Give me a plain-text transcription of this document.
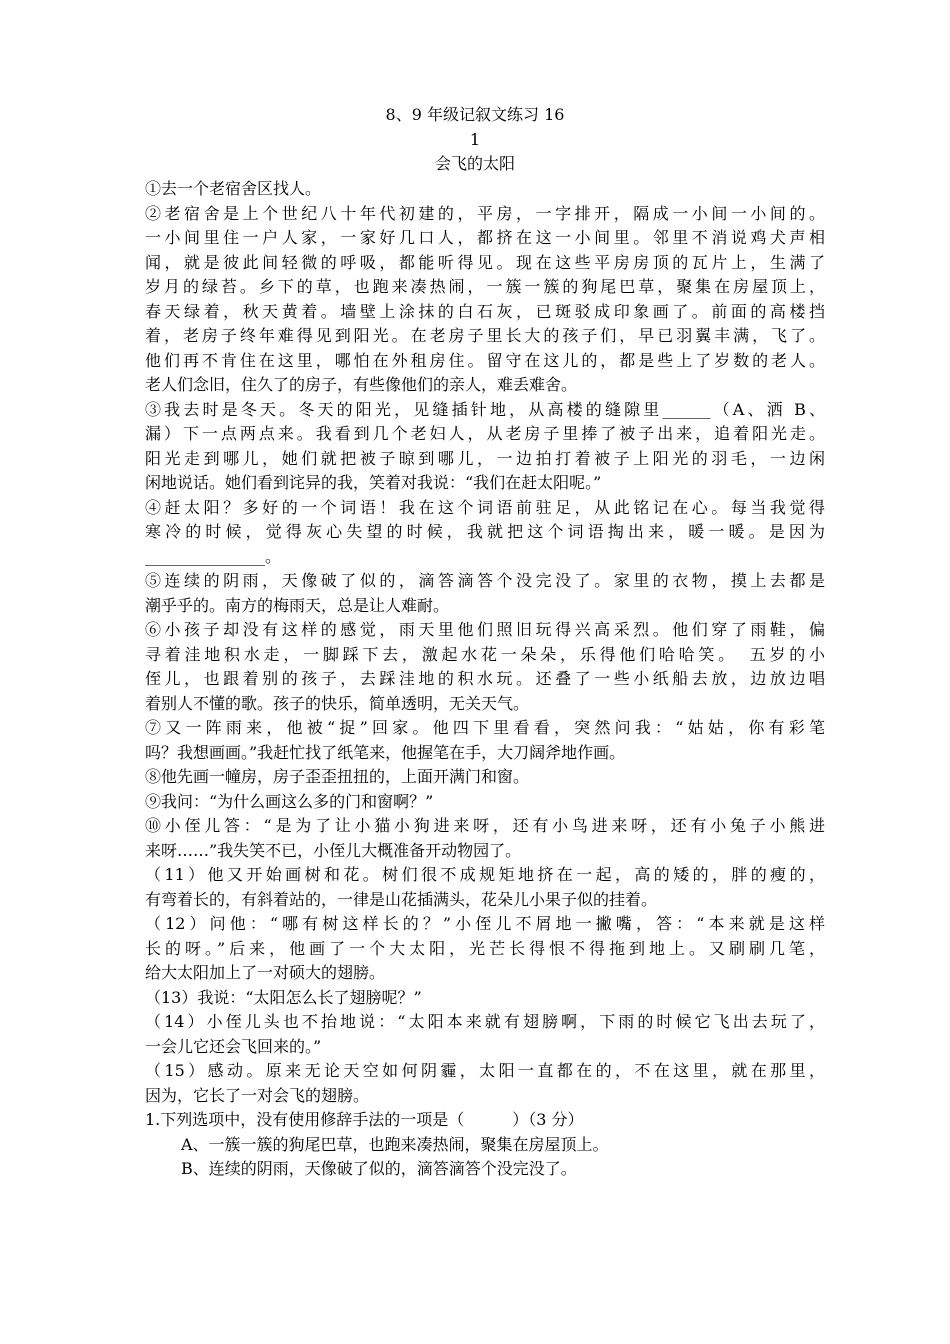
8、9 年级记叙文练习 16
1
会飞的太阳
①去一个老宿舍区找人。
②老宿舍是上个世纪八十年代初建的，平房，一字排开，隔成一小间一小间的。
一小间里住一户人家，一家好几口人，都挤在这一小间里。邻里不消说鸡犬声相
闻，就是彼此间轻微的呼吸，都能听得见。现在这些平房房顶的瓦片上，生满了
岁月的绿苔。乡下的草，也跑来凑热闹，一簇一簇的狗尾巴草，聚集在房屋顶上，
春天绿着，秋天黄着。墙壁上涂抹的白石灰，已斑驳成印象画了。前面的高楼挡
着，老房子终年难得见到阳光。在老房子里长大的孩子们，早已羽翼丰满，飞了。
他们再不肯住在这里，哪怕在外租房住。留守在这儿的，都是些上了岁数的老人。
老人们念旧，住久了的房子，有些像他们的亲人，难丢难舍。
③我去时是冬天。冬天的阳光，见缝插针地，从高楼的缝隙里______（A、洒 B、
漏）下一点两点来。我看到几个老妇人，从老房子里捧了被子出来，追着阳光走。
阳光走到哪儿，她们就把被子晾到哪儿，一边拍打着被子上阳光的羽毛，一边闲
闲地说话。她们看到诧异的我，笑着对我说：“我们在赶太阳呢。”
④赶太阳？多好的一个词语！我在这个词语前驻足，从此铭记在心。每当我觉得
寒冷的时候，觉得灰心失望的时候，我就把这个词语掏出来，暖一暖。是因为
_______________。
⑤连续的阴雨，天像破了似的，滴答滴答个没完没了。家里的衣物，摸上去都是
潮乎乎的。南方的梅雨天，总是让人难耐。
⑥小孩子却没有这样的感觉，雨天里他们照旧玩得兴高采烈。他们穿了雨鞋，偏
寻着洼地积水走，一脚踩下去，激起水花一朵朵，乐得他们哈哈笑。　五岁的小
侄儿，也跟着别的孩子，去踩洼地的积水玩。还叠了一些小纸船去放，边放边唱
着别人不懂的歌。孩子的快乐，简单透明，无关天气。
⑦又一阵雨来，他被“捉”回家。他四下里看看，突然问我：“姑姑，你有彩笔
吗？我想画画。”我赶忙找了纸笔来，他握笔在手，大刀阔斧地作画。
⑧他先画一幢房，房子歪歪扭扭的，上面开满门和窗。
⑨我问：“为什么画这么多的门和窗啊？”
⑩小侄儿答：“是为了让小猫小狗进来呀，还有小鸟进来呀，还有小兔子小熊进
来呀……”我失笑不已，小侄儿大概准备开动物园了。
（11）他又开始画树和花。树们很不成规矩地挤在一起，高的矮的，胖的瘦的，
有弯着长的，有斜着站的，一律是山花插满头，花朵儿小果子似的挂着。
（12）问他：“哪有树这样长的？”小侄儿不屑地一撇嘴，答：“本来就是这样
长的呀。”后来，他画了一个大太阳，光芒长得恨不得拖到地上。又刷刷几笔，
给大太阳加上了一对硕大的翅膀。
（13）我说：“太阳怎么长了翅膀呢？”
（14）小侄儿头也不抬地说：“太阳本来就有翅膀啊，下雨的时候它飞出去玩了，
一会儿它还会飞回来的。”
（15）感动。原来无论天空如何阴霾，太阳一直都在的，不在这里，就在那里，
因为，它长了一对会飞的翅膀。
1.下列选项中，没有使用修辞手法的一项是（　　　）（3 分）
A、一簇一簇的狗尾巴草，也跑来凑热闹，聚集在房屋顶上。
B、连续的阴雨，天像破了似的，滴答滴答个没完没了。
